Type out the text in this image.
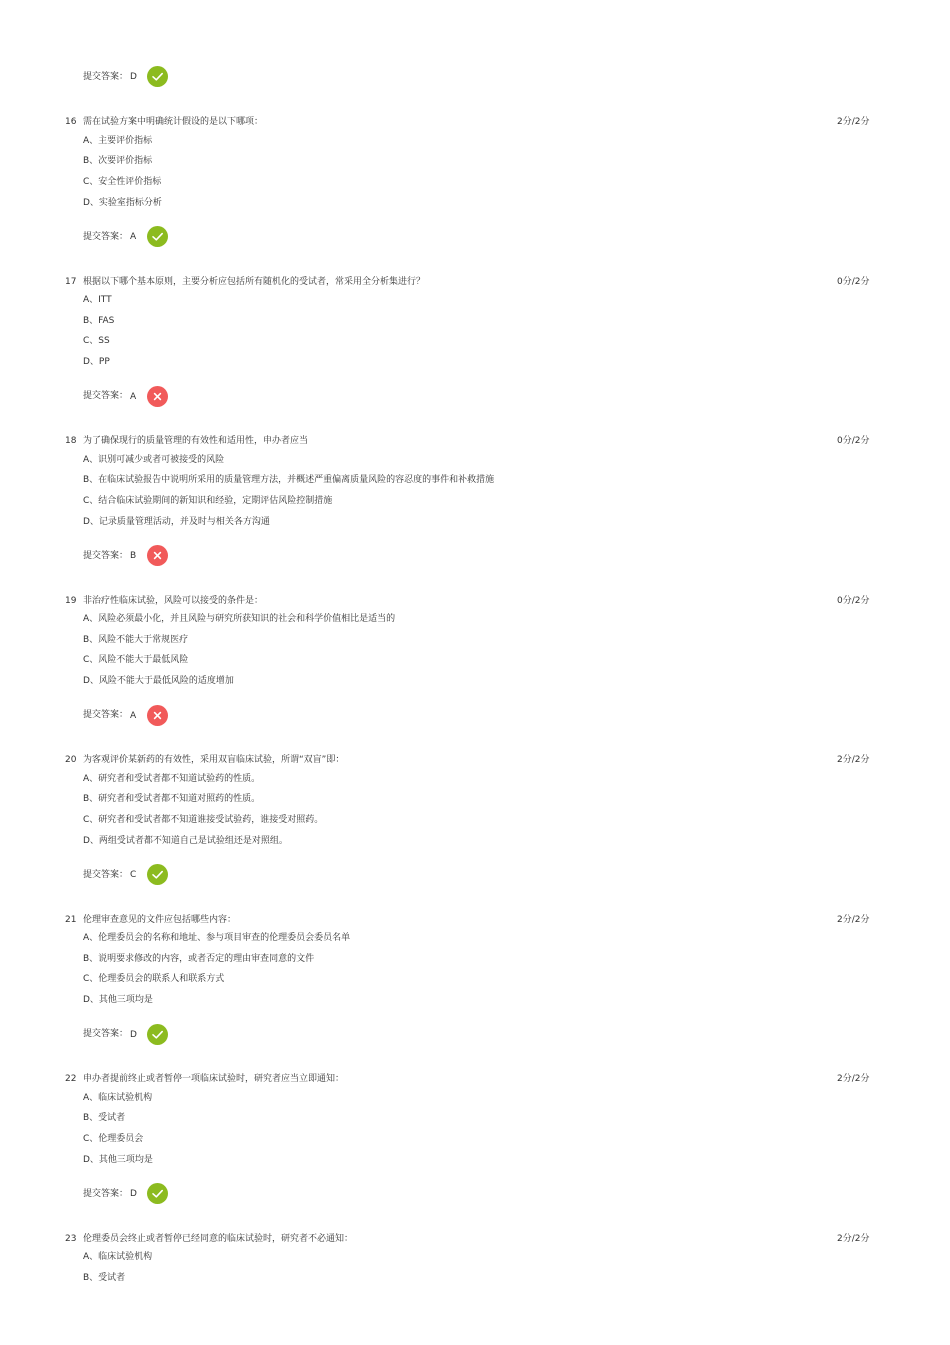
提交答案： D
16 需在试验方案中明确统计假设的是以下哪项：	2分/2分
A、主要评价指标
B、次要评价指标
C、安全性评价指标
D、实验室指标分析
提交答案： A
17 根据以下哪个基本原则，主要分析应包括所有随机化的受试者，常采用全分析集进行？	0分/2分
A、ITT
B、FAS
C、SS
D、PP
提交答案： A
18 为了确保现行的质量管理的有效性和适用性，申办者应当	0分/2分
A、识别可减少或者可被接受的风险
B、在临床试验报告中说明所采用的质量管理方法，并概述严重偏离质量风险的容忍度的事件和补救措施
C、结合临床试验期间的新知识和经验，定期评估风险控制措施
D、记录质量管理活动，并及时与相关各方沟通
提交答案： B
19 非治疗性临床试验，风险可以接受的条件是：	0分/2分
A、风险必须最小化，并且风险与研究所获知识的社会和科学价值相比是适当的
B、风险不能大于常规医疗
C、风险不能大于最低风险
D、风险不能大于最低风险的适度增加
提交答案： A
20 为客观评价某新药的有效性，采用双盲临床试验，所谓“双盲”即：	2分/2分
A、研究者和受试者都不知道试验药的性质。
B、研究者和受试者都不知道对照药的性质。
C、研究者和受试者都不知道谁接受试验药，谁接受对照药。
D、两组受试者都不知道自己是试验组还是对照组。
提交答案： C
21 伦理审查意见的文件应包括哪些内容：	2分/2分
A、伦理委员会的名称和地址、参与项目审查的伦理委员会委员名单
B、说明要求修改的内容，或者否定的理由审查同意的文件
C、伦理委员会的联系人和联系方式
D、其他三项均是
提交答案： D
22 申办者提前终止或者暂停一项临床试验时，研究者应当立即通知：	2分/2分
A、临床试验机构
B、受试者
C、伦理委员会
D、其他三项均是
提交答案： D
23 伦理委员会终止或者暂停已经同意的临床试验时，研究者不必通知：	2分/2分
A、临床试验机构
B、受试者
